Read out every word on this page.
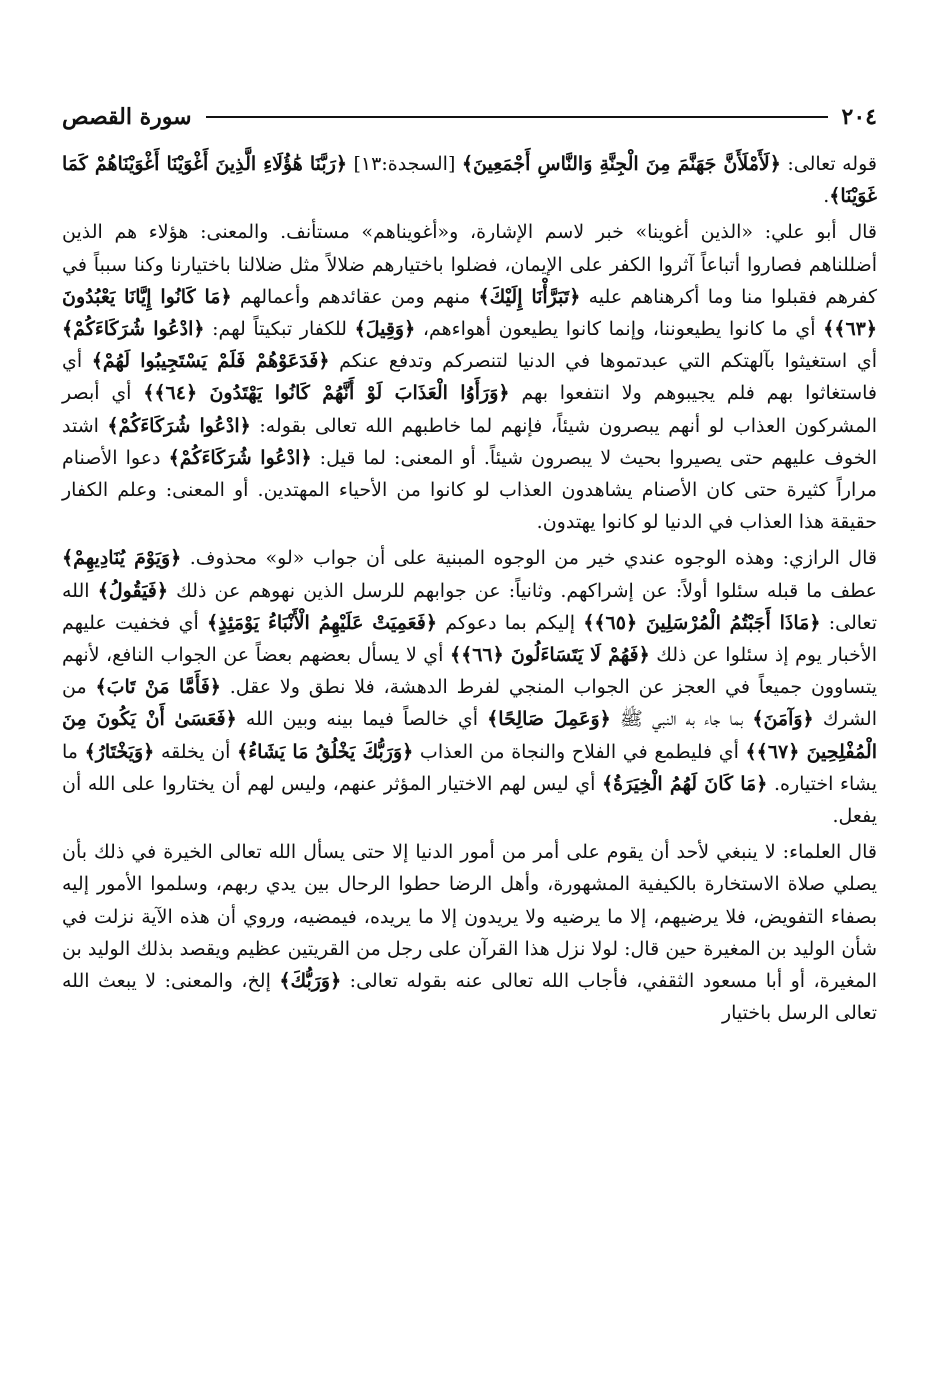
٢٠٤
سورة القصص

قوله تعالى: ﴿لَأَمْلَأَنَّ جَهَنَّمَ مِنَ الْجِنَّةِ وَالنَّاسِ أَجْمَعِينَ﴾ [السجدة:١٣] ﴿رَبَّنَا هَٰؤُلَاءِ الَّذِينَ أَغْوَيْنَا أَغْوَيْنَاهُمْ كَمَا غَوَيْنَا﴾.

قال أبو علي: «الذين أغوينا» خبر لاسم الإشارة، و«أغويناهم» مستأنف. والمعنى: هؤلاء هم الذين أضللناهم فصاروا أتباعاً آثروا الكفر على الإيمان، فضلوا باختيارهم ضلالاً مثل ضلالنا باختيارنا وكنا سبباً في كفرهم فقبلوا منا وما أكرهناهم عليه ﴿تَبَرَّأْنَا إِلَيْكَ﴾ منهم ومن عقائدهم وأعمالهم ﴿مَا كَانُوا إِيَّانَا يَعْبُدُونَ ﴿٦٣﴾﴾ أي ما كانوا يطيعوننا، وإنما كانوا يطيعون أهواءهم، ﴿وَقِيلَ﴾ للكفار تبكيتاً لهم: ﴿ادْعُوا شُرَكَاءَكُمْ﴾ أي استغيثوا بآلهتكم التي عبدتموها في الدنيا لتنصركم وتدفع عنكم ﴿فَدَعَوْهُمْ فَلَمْ يَسْتَجِيبُوا لَهُمْ﴾ أي فاستغاثوا بهم فلم يجيبوهم ولا انتفعوا بهم ﴿وَرَأَوُا الْعَذَابَ لَوْ أَنَّهُمْ كَانُوا يَهْتَدُونَ ﴿٦٤﴾﴾ أي أبصر المشركون العذاب لو أنهم يبصرون شيئاً، فإنهم لما خاطبهم الله تعالى بقوله: ﴿ادْعُوا شُرَكَاءَكُمْ﴾ اشتد الخوف عليهم حتى يصيروا بحيث لا يبصرون شيئاً. أو المعنى: لما قيل: ﴿ادْعُوا شُرَكَاءَكُمْ﴾ دعوا الأصنام مراراً كثيرة حتى كان الأصنام يشاهدون العذاب لو كانوا من الأحياء المهتدين. أو المعنى: وعلم الكفار حقيقة هذا العذاب في الدنيا لو كانوا يهتدون.

قال الرازي: وهذه الوجوه عندي خير من الوجوه المبنية على أن جواب «لو» محذوف. ﴿وَيَوْمَ يُنَادِيهِمْ﴾ عطف ما قبله سئلوا أولاً: عن إشراكهم. وثانياً: عن جوابهم للرسل الذين نهوهم عن ذلك ﴿فَيَقُولُ﴾ الله تعالى: ﴿مَاذَا أَجَبْتُمُ الْمُرْسَلِينَ ﴿٦٥﴾﴾ إليكم بما دعوكم ﴿فَعَمِيَتْ عَلَيْهِمُ الْأَنْبَاءُ يَوْمَئِذٍ﴾ أي فخفيت عليهم الأخبار يوم إذ سئلوا عن ذلك ﴿فَهُمْ لَا يَتَسَاءَلُونَ ﴿٦٦﴾﴾ أي لا يسأل بعضهم بعضاً عن الجواب النافع، لأنهم يتساوون جميعاً في العجز عن الجواب المنجي لفرط الدهشة، فلا نطق ولا عقل. ﴿فَأَمَّا مَنْ تَابَ﴾ من الشرك ﴿وَآمَنَ﴾ بما جاء به النبي ﷺ ﴿وَعَمِلَ صَالِحًا﴾ أي خالصاً فيما بينه وبين الله ﴿فَعَسَىٰ أَنْ يَكُونَ مِنَ الْمُفْلِحِينَ ﴿٦٧﴾﴾ أي فليطمع في الفلاح والنجاة من العذاب ﴿وَرَبُّكَ يَخْلُقُ مَا يَشَاءُ﴾ أن يخلقه ﴿وَيَخْتَارُ﴾ ما يشاء اختياره. ﴿مَا كَانَ لَهُمُ الْخِيَرَةُ﴾ أي ليس لهم الاختيار المؤثر عنهم، وليس لهم أن يختاروا على الله أن يفعل.

قال العلماء: لا ينبغي لأحد أن يقوم على أمر من أمور الدنيا إلا حتى يسأل الله تعالى الخيرة في ذلك بأن يصلي صلاة الاستخارة بالكيفية المشهورة، وأهل الرضا حطوا الرحال بين يدي ربهم، وسلموا الأمور إليه بصفاء التفويض، فلا يرضيهم، إلا ما يرضيه ولا يريدون إلا ما يريده، فيمضيه، وروي أن هذه الآية نزلت في شأن الوليد بن المغيرة حين قال: لولا نزل هذا القرآن على رجل من القريتين عظيم ويقصد بذلك الوليد بن المغيرة، أو أبا مسعود الثقفي، فأجاب الله تعالى عنه بقوله تعالى: ﴿وَرَبُّكَ﴾ إلخ، والمعنى: لا يبعث الله تعالى الرسل باختيار
